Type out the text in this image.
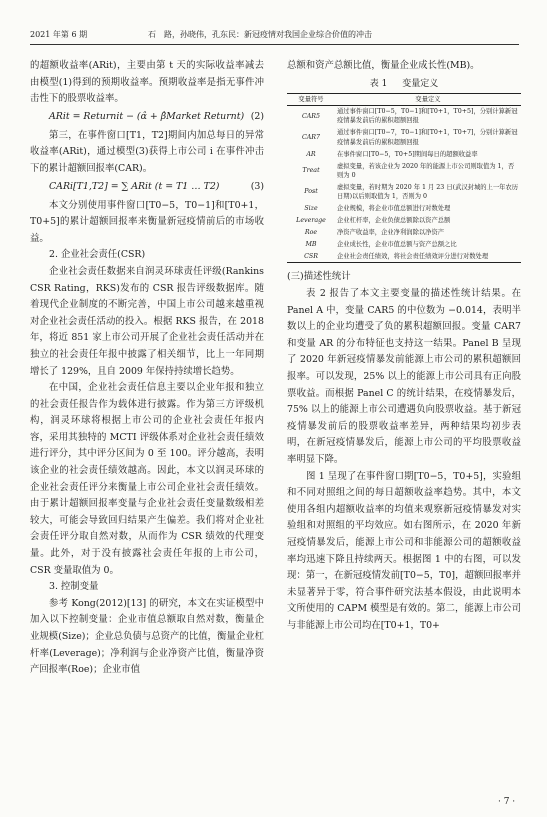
2021 年第 6 期	石　路，孙晓伟，孔东民：新冠疫情对我国企业综合价值的冲击

的超额收益率(ARit)，主要由第 t 天的实际收益率减去由模型(1)得到的预期收益率。预期收益率是指无事件冲击性下的股票收益率。

ARit = Returnit − (α̂ + β̂Market Returnt) (2)

第三，在事件窗口[T1，T2]期间内加总每日的异常收益率(ARit)，通过模型(3)获得上市公司 i 在事件冲击下的累计超额回报率(CAR)。

CARi[T1,T2] = ∑ ARit (t = T1 … T2)	(3)

本文分别使用事件窗口[T0−5，T0−1]和[T0+1，T0+5]的累计超额回报率来衡量新冠疫情前后的市场收益。

2. 企业社会责任(CSR)

企业社会责任数据来自润灵环球责任评级(Rankins CSR Rating，RKS)发布的 CSR 报告评级数据库。随着现代企业制度的不断完善，中国上市公司越来越重视对企业社会责任活动的投入。根据 RKS 报告，在 2018 年，将近 851 家上市公司开展了企业社会责任活动并在独立的社会责任年报中披露了相关细节，比上一年同期增长了 129%，且自 2009 年保持持续增长趋势。

在中国，企业社会责任信息主要以企业年报和独立的社会责任报告作为载体进行披露。作为第三方评级机构，润灵环球将根据上市公司的企业社会责任年报内容，采用其独特的 MCTI 评级体系对企业社会责任绩效进行评分，其中评分区间为 0 至 100。评分越高，表明该企业的社会责任绩效越高。因此，本文以润灵环球的企业社会责任评分来衡量上市公司企业社会责任绩效。由于累计超额回报率变量与企业社会责任变量数级相差较大，可能会导致回归结果产生偏差。我们将对企业社会责任评分取自然对数，从而作为 CSR 绩效的代理变量。此外，对于没有披露社会责任年报的上市公司，CSR 变量取值为 0。

3. 控制变量

参考 Kong(2012)[13] 的研究，本文在实证模型中加入以下控制变量：企业市值总额取自然对数，衡量企业规模(Size)；企业总负债与总资产的比值，衡量企业杠杆率(Leverage)；净利润与企业净资产比值，衡量净资产回报率(Roe)；企业市值

总额和资产总额比值，衡量企业成长性(MB)。

表 1 变量定义
变量符号	变量定义
CAR5	通过事件窗口[T0−5，T0−1]和[T0+1，T0+5]，分别计算新冠疫情暴发前后的累积超额回报
CAR7	通过事件窗口[T0−7，T0−1]和[T0+1，T0+7]，分别计算新冠疫情暴发前后的累积超额回报
AR	在事件窗口[T0−5，T0+5]期间每日的超额收益率
Treat	虚拟变量，若该企业为 2020 年的能源上市公司则取值为 1，否则为 0
Post	虚拟变量，若时期为 2020 年 1 月 23 日(武汉封城的上一年农历日期)以后则取值为 1，否则为 0
Size	企业规模，将企业市值总额进行对数处理
Leverage	企业杠杆率，企业负债总额除以资产总额
Roe	净资产收益率，企业净利润除以净资产
MB	企业成长性，企业市值总额与资产总额之比
CSR	企业社会责任绩效，将社会责任绩效评分进行对数处理

(三)描述性统计

表 2 报告了本文主要变量的描述性统计结果。在 Panel A 中，变量 CAR5 的中位数为 −0.014，表明半数以上的企业均遭受了负的累积超额回报。变量 CAR7 和变量 AR 的分布特征也支持这一结果。Panel B 呈现了 2020 年新冠疫情暴发前能源上市公司的累积超额回报率。可以发现，25% 以上的能源上市公司具有正向股票收益。而根据 Panel C 的统计结果，在疫情暴发后，75% 以上的能源上市公司遭遇负向股票收益。基于新冠疫情暴发前后的股票收益率差异，两种结果均初步表明，在新冠疫情暴发后，能源上市公司的平均股票收益率明显下降。

图 1 呈现了在事件窗口期[T0−5，T0+5]，实验组和不同对照组之间的每日超额收益率趋势。其中，本文使用各组内超额收益率的均值来观察新冠疫情暴发对实验组和对照组的平均效应。如右图所示，在 2020 年新冠疫情暴发后，能源上市公司和非能源公司的超额收益率均迅速下降且持续两天。根据图 1 中的右图，可以发现：第一，在新冠疫情发前[T0−5，T0]，超额回报率并未显著异于零，符合事件研究法基本假设，由此说明本文所使用的 CAPM 模型是有效的。第二，能源上市公司与非能源上市公司均在[T0+1，T0+

· 7 ·
